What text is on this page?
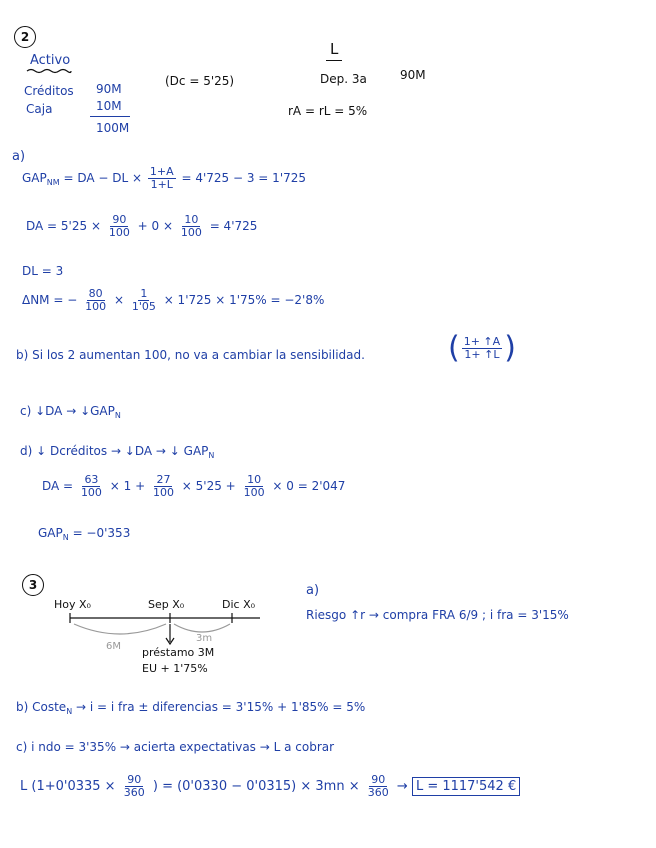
2
Activo
Créditos 90M
Caja	10M
100M
(Dc = 5'25)
L
Dep. 3a	90M
rA = rL = 5%
a)
$GAP_{NM}$ = DA − DL × $\frac{1+A}{1+L} = 4'725 - 3 = 1'725$
DA = $5'25 \times \frac{90}{100} + 0 \times \frac{10}{100} = 4'725$
DL = 3
ΔNM = − $\frac{80}{100} \times \frac{1}{1'05} \times 1'725 \times 1'75\% = -2'8\%$
b) Si los 2 aumentan 100, no va a cambiar la sensibilidad.	( $\frac{1+ ↑A}{1+ ↑L}$ )
c) ↓DA → $↓GAP_N$
d) ↓ Dcréditos → ↓DA → ↓ $GAP_N$
DA = $\frac{63}{100} \times 1 + \frac{27}{100} \times 5'25 + \frac{10}{100} \times 0 = 2'047$
$GAP_N = -0'353$
3
Hoy X₀	Sep X₀	Dic X₀
6M
3m
préstamo 3M
EU + 1'75%
a)
Riesgo ↑r → compra FRA 6/9 ; i fra = 3'15%
b) Coste$_N$ → i = i fra ± diferencias = 3'15% + 1'85% = 5%
c) i ndo = 3'35% → acierta expectativas → L a cobrar
L ($1+0'0335 \times \frac{90}{360}$ ) = $(0'0330 - 0'0315) \times 3mn \times \frac{90}{360} \to L = 1117'542$ €
